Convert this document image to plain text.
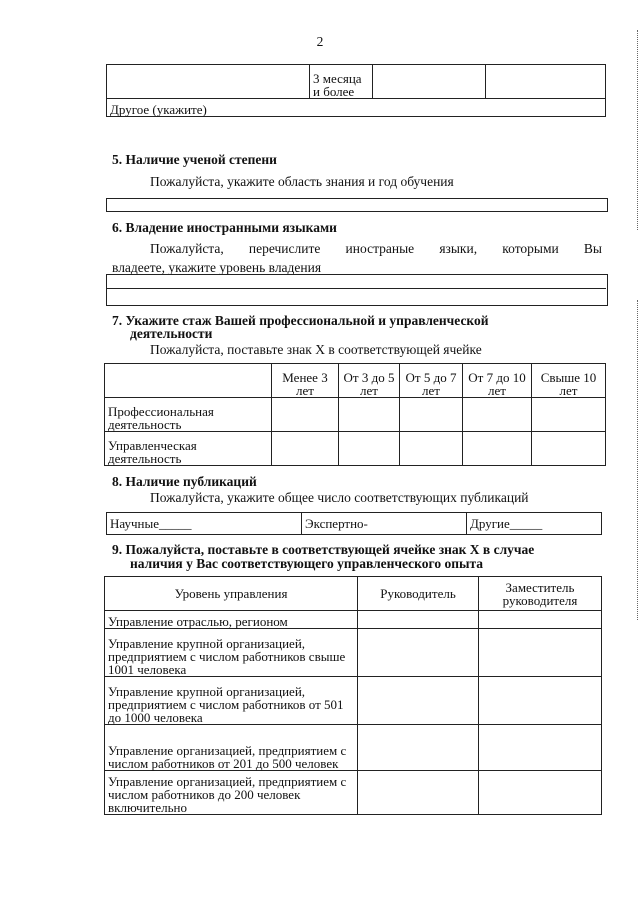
2
	3 месяца и более		
Другое (укажите)
5. Наличие ученой степени
Пожалуйста, укажите область знания и год обучения
6. Владение иностранными языками
Пожалуйста, перечислите иностраные языки, которыми Вы
владеете, укажите уровень владения
7. Укажите стаж Вашей профессиональной и управленческой
деятельности
Пожалуйста, поставьте знак X в соответствующей ячейке
	Менее 3 лет	От 3 до 5 лет	От 5 до 7 лет	От 7 до 10 лет	Свыше 10 лет
Профессиональная деятельность					
Управленческая деятельность					
8. Наличие публикаций
Пожалуйста, укажите общее число соответствующих публикаций
Научные_____	Экспертно-	Другие_____
9. Пожалуйста, поставьте в соответствующей ячейке знак X в случае
наличия у Вас соответствующего управленческого опыта
Уровень управления	Руководитель	Заместитель руководителя
Управление отраслью, регионом		
Управление крупной организацией, предприятием с числом работников свыше 1001 человека		
Управление крупной организацией, предприятием с числом работников от 501 до 1000 человека		
Управление организацией, предприятием с числом работников от 201 до 500 человек		
Управление организацией, предприятием с числом работников до 200 человек включительно		
